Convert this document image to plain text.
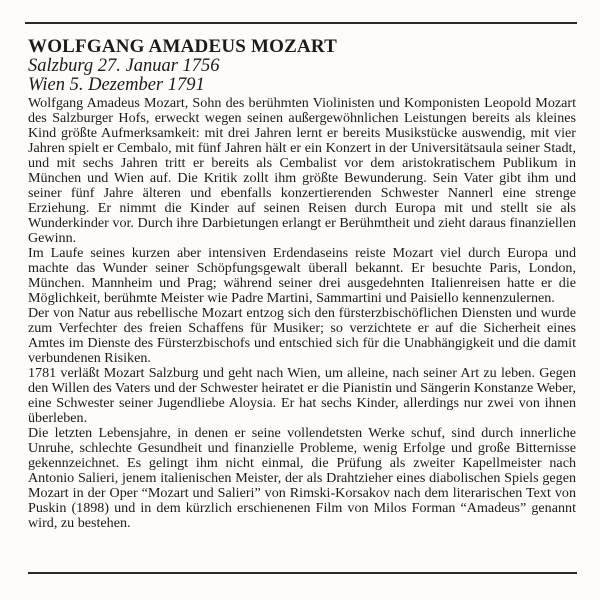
WOLFGANG AMADEUS MOZART
Salzburg 27. Januar 1756
Wien 5. Dezember 1791

Wolfgang Amadeus Mozart, Sohn des berühmten Violinisten und Komponisten Leopold Mozart des Salzburger Hofs, erweckt wegen seinen außergewöhnlichen Leistungen bereits als kleines Kind größte Aufmerksamkeit: mit drei Jahren lernt er bereits Musikstücke auswendig, mit vier Jahren spielt er Cembalo, mit fünf Jahren hält er ein Konzert in der Universitätsaula seiner Stadt, und mit sechs Jahren tritt er bereits als Cembalist vor dem aristokratischem Publikum in München und Wien auf. Die Kritik zollt ihm größte Bewunderung. Sein Vater gibt ihm und seiner fünf Jahre älteren und ebenfalls konzertierenden Schwester Nannerl eine strenge Erziehung. Er nimmt die Kinder auf seinen Reisen durch Europa mit und stellt sie als Wunderkinder vor. Durch ihre Darbietungen erlangt er Berühmtheit und zieht daraus finanziellen Gewinn.

Im Laufe seines kurzen aber intensiven Erdendaseins reiste Mozart viel durch Europa und machte das Wunder seiner Schöpfungsgewalt überall bekannt. Er besuchte Paris, London, München. Mannheim und Prag; während seiner drei ausgedehnten Italienreisen hatte er die Möglichkeit, berühmte Meister wie Padre Martini, Sammartini und Paisiello kennenzulernen.

Der von Natur aus rebellische Mozart entzog sich den fürsterzbischöflichen Diensten und wurde zum Verfechter des freien Schaffens für Musiker; so verzichtete er auf die Sicherheit eines Amtes im Dienste des Fürsterzbischofs und entschied sich für die Unabhängigkeit und die damit verbundenen Risiken.

1781 verläßt Mozart Salzburg und geht nach Wien, um alleine, nach seiner Art zu leben. Gegen den Willen des Vaters und der Schwester heiratet er die Pianistin und Sängerin Konstanze Weber, eine Schwester seiner Jugendliebe Aloysia. Er hat sechs Kinder, allerdings nur zwei von ihnen überleben.

Die letzten Lebensjahre, in denen er seine vollendetsten Werke schuf, sind durch innerliche Unruhe, schlechte Gesundheit und finanzielle Probleme, wenig Erfolge und große Bitternisse gekennzeichnet. Es gelingt ihm nicht einmal, die Prüfung als zweiter Kapellmeister nach Antonio Salieri, jenem italienischen Meister, der als Drahtzieher eines diabolischen Spiels gegen Mozart in der Oper “Mozart und Salieri” von Rimski-Korsakov nach dem literarischen Text von Puskin (1898) und in dem kürzlich erschienenen Film von Milos Forman “Amadeus” genannt wird, zu bestehen.
